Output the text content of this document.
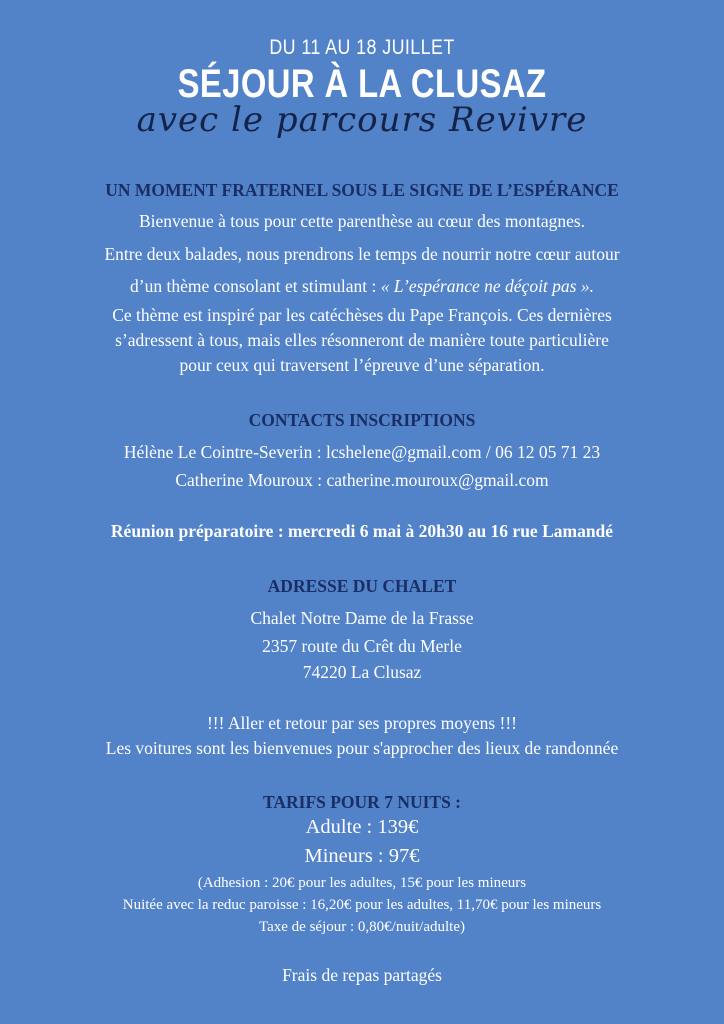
DU 11 AU 18 JUILLET
SÉJOUR À LA CLUSAZ
avec le parcours Revivre
UN MOMENT FRATERNEL SOUS LE SIGNE DE L’ESPÉRANCE
Bienvenue à tous pour cette parenthèse au cœur des montagnes.
Entre deux balades, nous prendrons le temps de nourrir notre cœur autour
d’un thème consolant et stimulant : « L’espérance ne déçoit pas ».
Ce thème est inspiré par les catéchèses du Pape François. Ces dernières
s’adressent à tous, mais elles résonneront de manière toute particulière
pour ceux qui traversent l’épreuve d’une séparation.
CONTACTS INSCRIPTIONS
Hélène Le Cointre-Severin : lcshelene@gmail.com / 06 12 05 71 23
Catherine Mouroux : catherine.mouroux@gmail.com
Réunion préparatoire : mercredi 6 mai à 20h30 au 16 rue Lamandé
ADRESSE DU CHALET
Chalet Notre Dame de la Frasse
2357 route du Crêt du Merle
74220 La Clusaz
!!! Aller et retour par ses propres moyens !!!
Les voitures sont les bienvenues pour s'approcher des lieux de randonnée
TARIFS POUR 7 NUITS :
Adulte : 139€
Mineurs : 97€
(Adhesion : 20€ pour les adultes, 15€ pour les mineurs
Nuitée avec la reduc paroisse : 16,20€ pour les adultes, 11,70€ pour les mineurs
Taxe de séjour : 0,80€/nuit/adulte)
Frais de repas partagés
